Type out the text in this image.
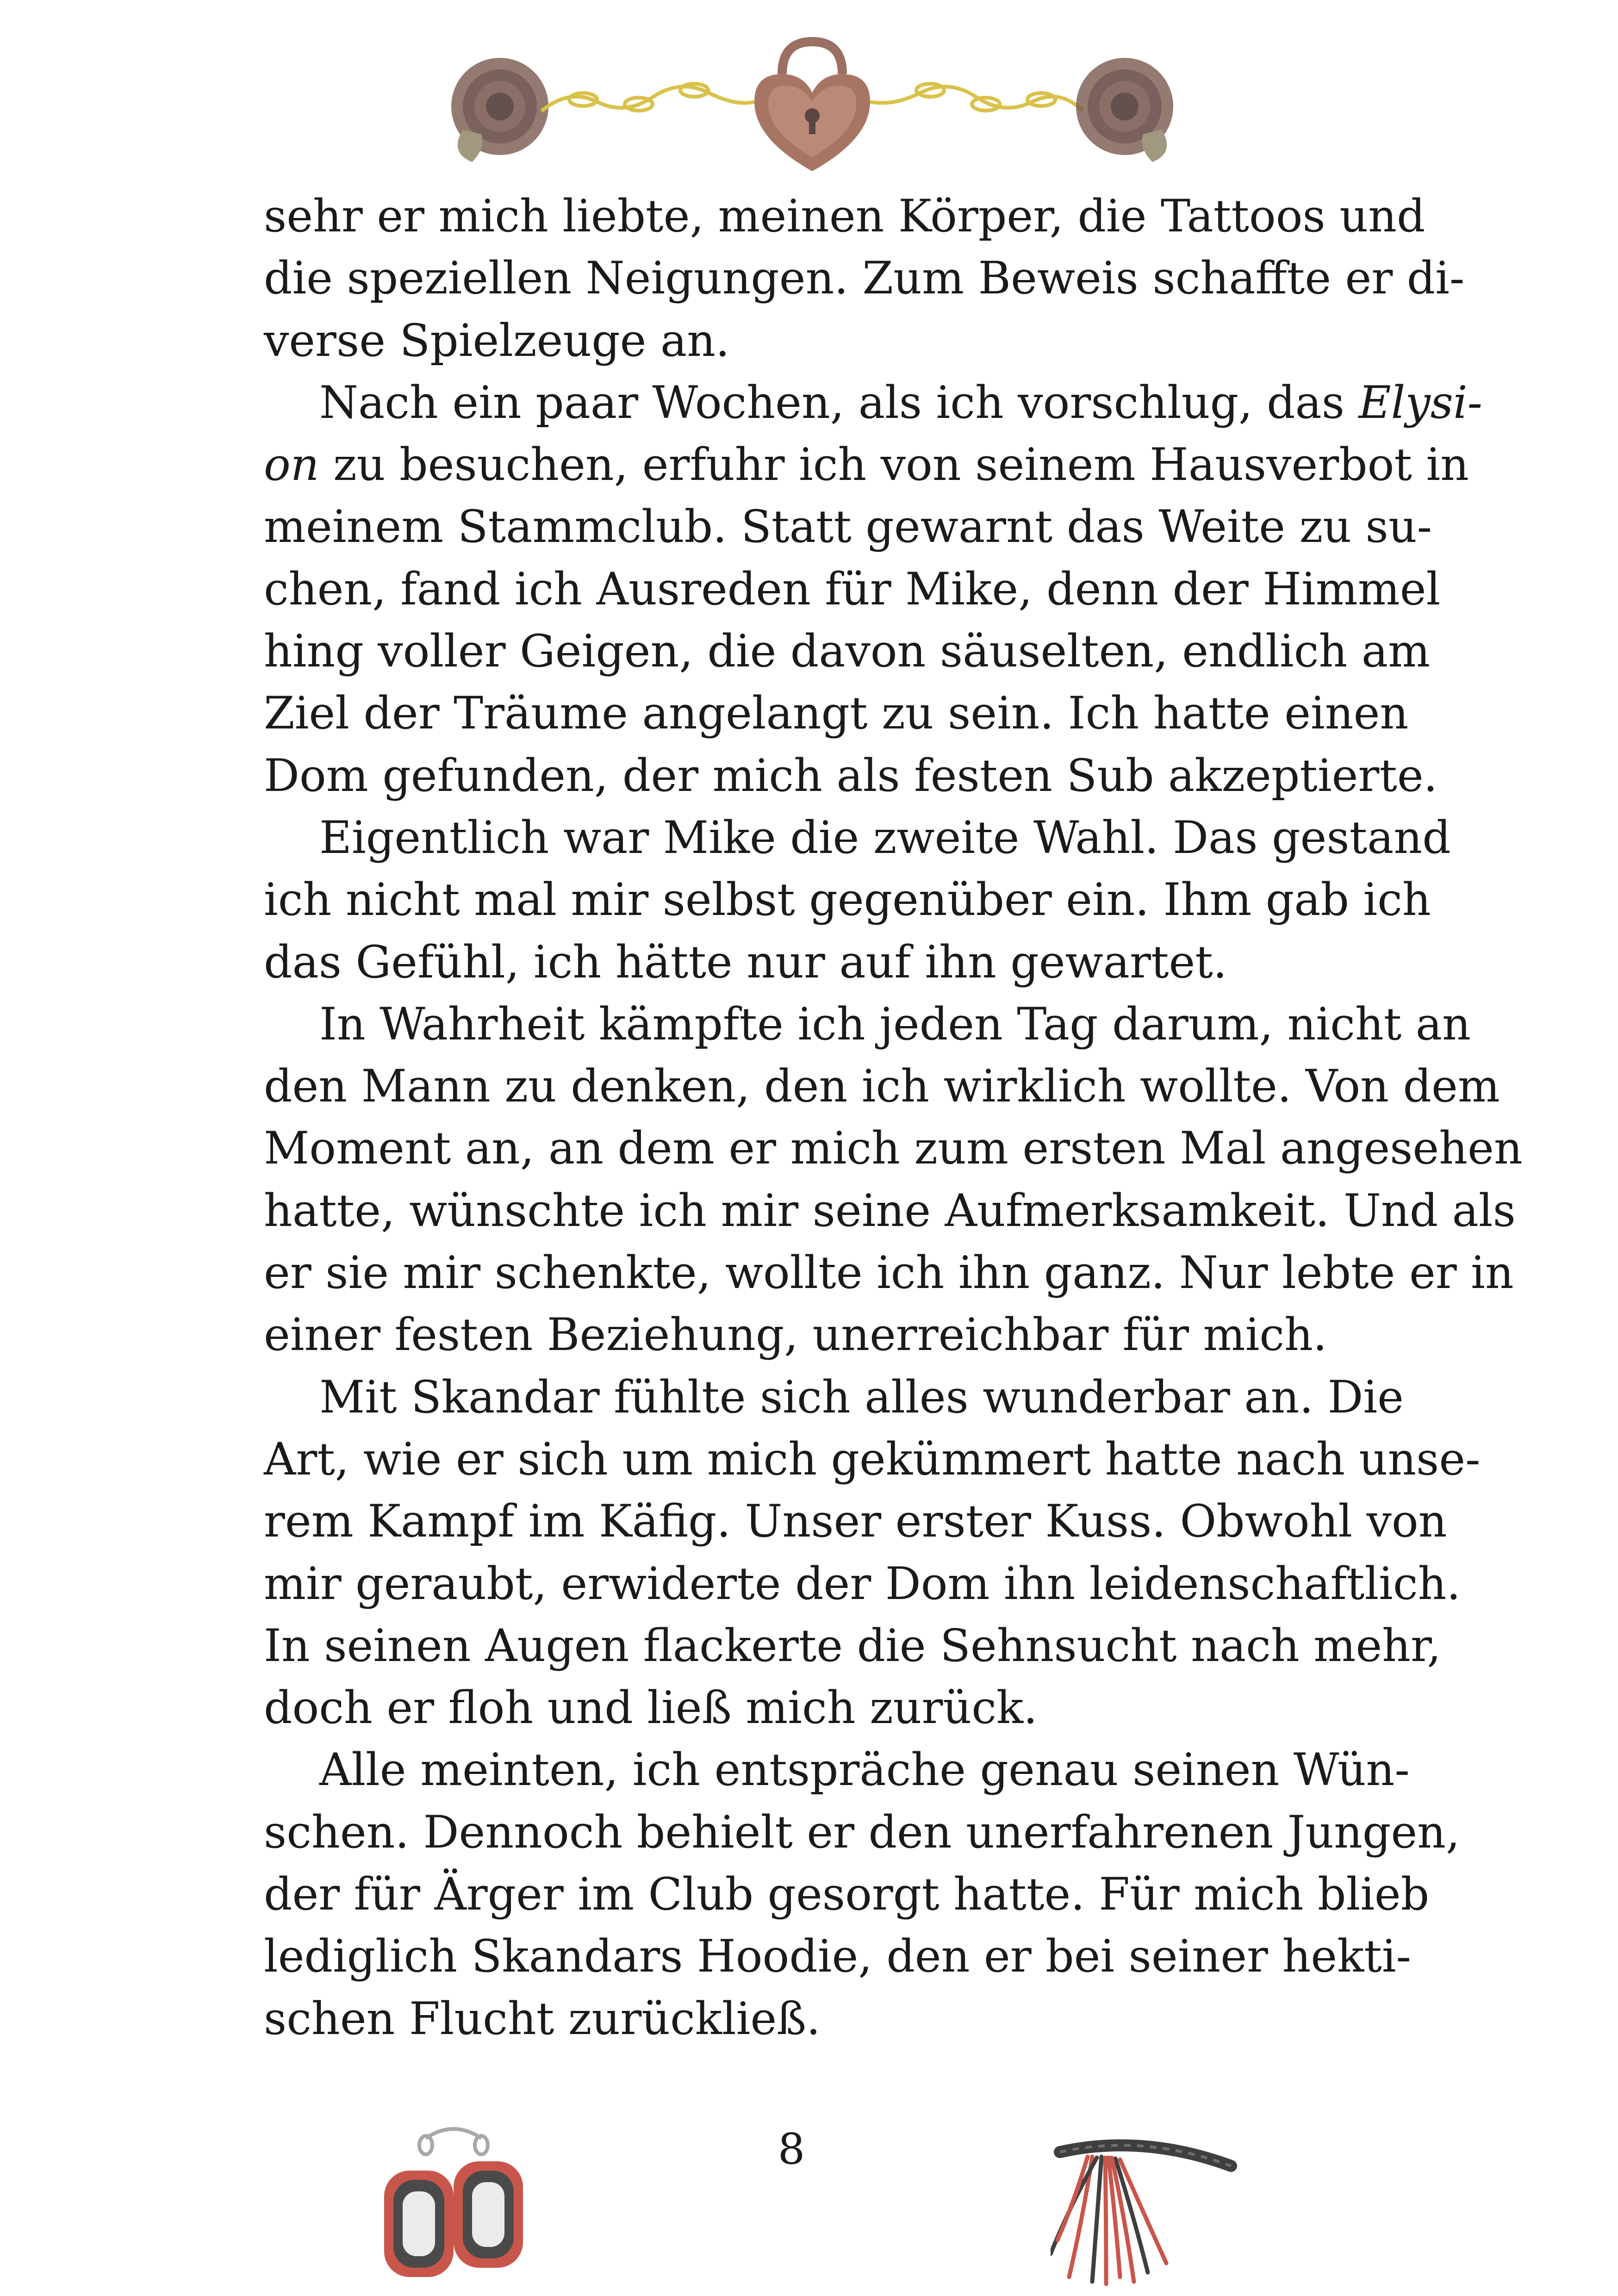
sehr er mich liebte, meinen Körper, die Tattoos und
die speziellen Neigungen. Zum Beweis schaffte er di-
verse Spielzeuge an.

Nach ein paar Wochen, als ich vorschlug, das Elysi-
on zu besuchen, erfuhr ich von seinem Hausverbot in
meinem Stammclub. Statt gewarnt das Weite zu su-
chen, fand ich Ausreden für Mike, denn der Himmel
hing voller Geigen, die davon säuselten, endlich am
Ziel der Träume angelangt zu sein. Ich hatte einen
Dom gefunden, der mich als festen Sub akzeptierte.

Eigentlich war Mike die zweite Wahl. Das gestand
ich nicht mal mir selbst gegenüber ein. Ihm gab ich
das Gefühl, ich hätte nur auf ihn gewartet.

In Wahrheit kämpfte ich jeden Tag darum, nicht an
den Mann zu denken, den ich wirklich wollte. Von dem
Moment an, an dem er mich zum ersten Mal angesehen
hatte, wünschte ich mir seine Aufmerksamkeit. Und als
er sie mir schenkte, wollte ich ihn ganz. Nur lebte er in
einer festen Beziehung, unerreichbar für mich.

Mit Skandar fühlte sich alles wunderbar an. Die
Art, wie er sich um mich gekümmert hatte nach unse-
rem Kampf im Käfig. Unser erster Kuss. Obwohl von
mir geraubt, erwiderte der Dom ihn leidenschaftlich.
In seinen Augen flackerte die Sehnsucht nach mehr,
doch er floh und ließ mich zurück.

Alle meinten, ich entspräche genau seinen Wün-
schen. Dennoch behielt er den unerfahrenen Jungen,
der für Ärger im Club gesorgt hatte. Für mich blieb
lediglich Skandars Hoodie, den er bei seiner hekti-
schen Flucht zurückließ.

8
